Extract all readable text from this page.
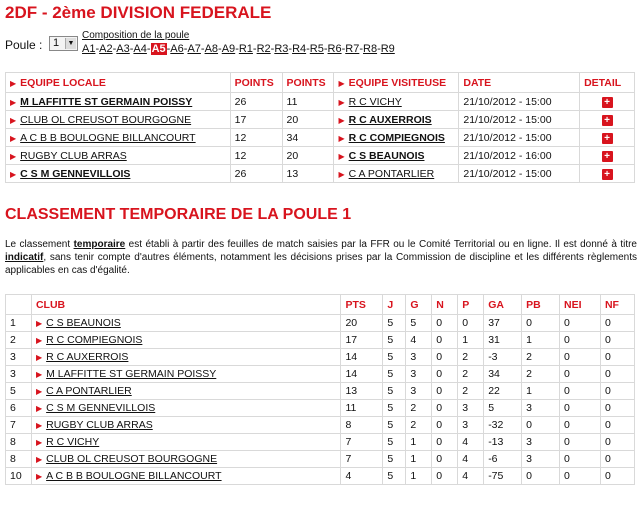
2DF - 2ème DIVISION FEDERALE
Poule : 1	▼
Composition de la poule
A1-A2-A3-A4-A5-A6-A7-A8-A9-R1-R2-R3-R4-R5-R6-R7-R8-R9
▶ EQUIPE LOCALE	POINTS	POINTS	▶ EQUIPE VISITEUSE	DATE	DETAIL
▶ M LAFFITTE ST GERMAIN POISSY	26	11	▶ R C VICHY	21/10/2012 - 15:00	+
▶ CLUB OL CREUSOT BOURGOGNE	17	20	▶ R C AUXERROIS	21/10/2012 - 15:00	+
▶ A C B B BOULOGNE BILLANCOURT	12	34	▶ R C COMPIEGNOIS	21/10/2012 - 15:00	+
▶ RUGBY CLUB ARRAS	12	20	▶ C S BEAUNOIS	21/10/2012 - 16:00	+
▶ C S M GENNEVILLOIS	26	13	▶ C A PONTARLIER	21/10/2012 - 15:00	+
CLASSEMENT TEMPORAIRE DE LA POULE 1
Le classement temporaire est établi à partir des feuilles de match saisies par la FFR ou le Comité Territorial ou en ligne. Il est donné à titre indicatif, sans tenir compte d'autres éléments, notamment les décisions prises par la Commission de discipline et les différents règlements applicables en cas d'égalité.
	CLUB	PTS	J	G	N	P	GA	PB	NEI	NF
1	▶ C S BEAUNOIS	20	5	5	0	0	37	0	0	0
2	▶ R C COMPIEGNOIS	17	5	4	0	1	31	1	0	0
3	▶ R C AUXERROIS	14	5	3	0	2	-3	2	0	0
3	▶ M LAFFITTE ST GERMAIN POISSY	14	5	3	0	2	34	2	0	0
5	▶ C A PONTARLIER	13	5	3	0	2	22	1	0	0
6	▶ C S M GENNEVILLOIS	11	5	2	0	3	5	3	0	0
7	▶ RUGBY CLUB ARRAS	8	5	2	0	3	-32	0	0	0
8	▶ R C VICHY	7	5	1	0	4	-13	3	0	0
8	▶ CLUB OL CREUSOT BOURGOGNE	7	5	1	0	4	-6	3	0	0
10	▶ A C B B BOULOGNE BILLANCOURT	4	5	1	0	4	-75	0	0	0
